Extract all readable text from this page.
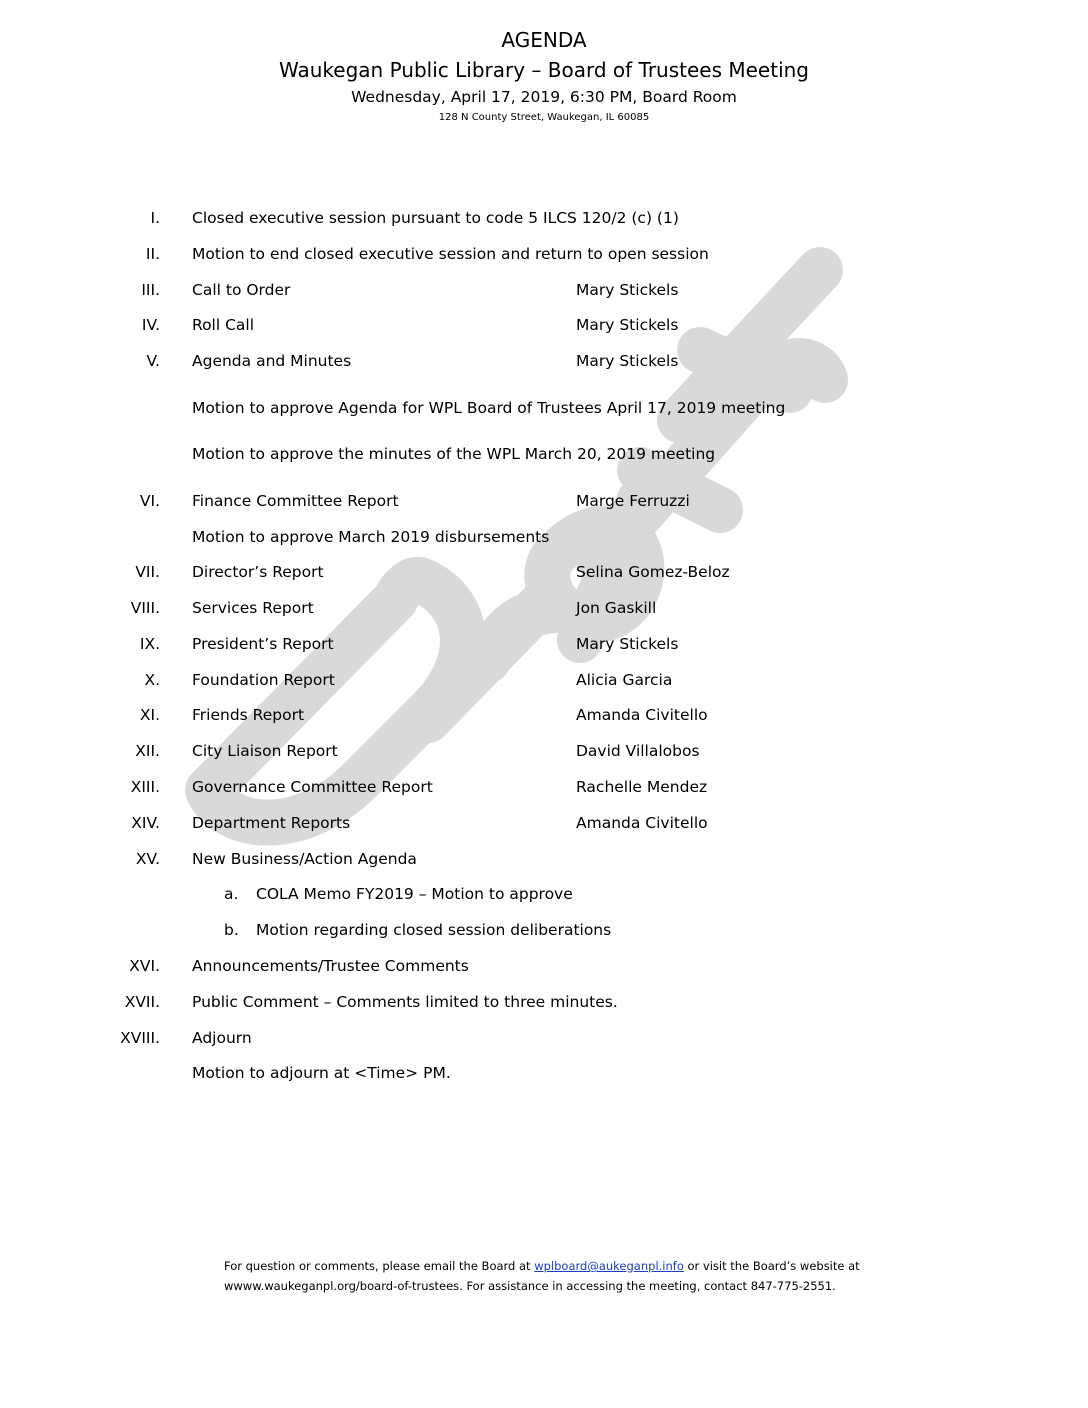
AGENDA
Waukegan Public Library – Board of Trustees Meeting
Wednesday, April 17, 2019, 6:30 PM, Board Room
128 N County Street, Waukegan, IL 60085
I. Closed executive session pursuant to code 5 ILCS 120/2 (c) (1)
II. Motion to end closed executive session and return to open session
III. Call to Order	Mary Stickels
IV. Roll Call	Mary Stickels
V. Agenda and Minutes	Mary Stickels
Motion to approve Agenda for WPL Board of Trustees April 17, 2019 meeting
Motion to approve the minutes of the WPL March 20, 2019 meeting
VI. Finance Committee Report	Marge Ferruzzi
Motion to approve March 2019 disbursements
VII. Director’s Report	Selina Gomez-Beloz
VIII. Services Report	Jon Gaskill
IX. President’s Report	Mary Stickels
X. Foundation Report	Alicia Garcia
XI. Friends Report	Amanda Civitello
XII. City Liaison Report	David Villalobos
XIII. Governance Committee Report	Rachelle Mendez
XIV. Department Reports	Amanda Civitello
XV. New Business/Action Agenda
a. COLA Memo FY2019 – Motion to approve
b. Motion regarding closed session deliberations
XVI. Announcements/Trustee Comments
XVII. Public Comment – Comments limited to three minutes.
XVIII. Adjourn
Motion to adjourn at <Time> PM.
For question or comments, please email the Board at wplboard@aukeganpl.info or visit the Board’s website at
wwww.waukeganpl.org/board-of-trustees. For assistance in accessing the meeting, contact 847-775-2551.
